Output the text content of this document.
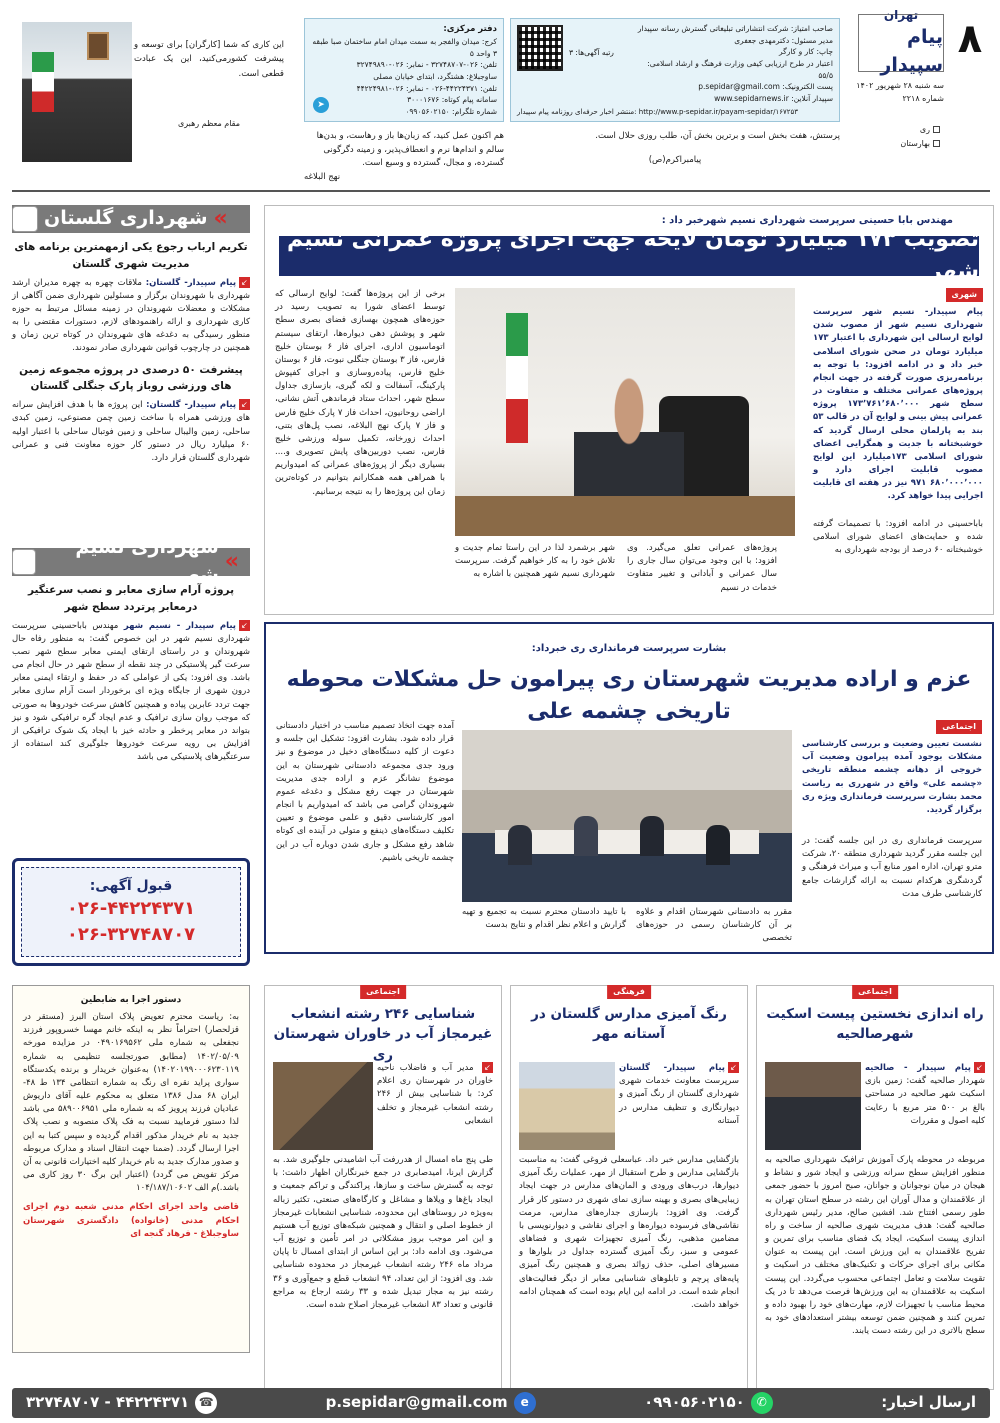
۸
تهران
پیام سپیدار
سه شنبه ۲۸ شهریور ۱۴۰۲
شماره ۲۲۱۸
ری
بهارستان
رتبه آگهی‌ها: ۳
صاحب امتیاز: شرکت انتشاراتی تبلیغاتی گسترش رسانه سپیدار
مدیر مسئول: دکترمهدی جعفری
چاپ: کار و کارگر
اعتبار در طرح ارزیابی کیفی وزارت فرهنگ و ارشاد اسلامی: ۵۵/۵
پست الکترونیک: p.sepidar@gmail.com
سپیدار آنلاین: www.sepidarnews.ir
منتشر اخبار حرفه‌ای روزنامه پیام سپیدار: http://www.p-sepidar.ir/payam-sepidar/۱۶۷۲۵۳
دفتر مرکزی:
کرج: میدان والفجر به سمت میدان امام ساختمان صبا طبقه ۳ واحد ۵
تلفن: ۰۲۶-۳۲۷۴۸۷۰۷ - نمابر: ۰۲۶-۳۲۷۴۹۸۹۰
ساوجبلاغ: هشتگرد، ابتدای خیابان مصلی
تلفن: ۴۴۲۲۴۳۷۱-۰۲۶ - نمابر: ۰۲۶-۴۴۲۲۴۹۸۱
سامانه پیام کوتاه: ۳۰۰۰۱۶۷۶
شماره تلگرام: ۰۹۹۰۵۶۰۲۱۵۰
➤
پرستش، هفت بخش است و برترین بخش آن، طلب روزی حلال است.
پیامبراکرم(ص)
هم اکنون عمل کنید، که زبان‌ها باز و رهاست، و بدن‌ها سالم و اندام‌ها نرم و انعطاف‌پذیر، و زمینه دگرگونی گسترده، و مجال، گسترده و وسیع است.
نهج البلاغه
این کاری که شما [کارگران] برای توسعه و پیشرفت کشورمی‌کنید، این یک عبادت قطعی است.
مقام معظم رهبری
»
شهرداری گلستان
تکریم ارباب رجوع یکی ازمهمترین برنامه های مدیریت شهری گلستان
↙پیام سپیدار- گلستان: ملاقات چهره به چهره مدیران ارشد شهرداری با شهروندان برگزار و مسئولین شهرداری ضمن آگاهی از مشکلات و معضلات شهروندان در زمینه مسائل مرتبط به حوزه کاری شهرداری و ارائه راهنمودهای لازم، دستورات مقتضی را به منظور رسیدگی به دغدغه های شهروندان در کوتاه ترین زمان و همچنین در چارچوب قوانین شهرداری صادر نمودند.
پیشرفت ۵۰ درصدی در پروژه مجموعه زمین های ورزشی روباز پارک جنگلی گلستان
↙پیام سپیدار- گلستان: این پروژه ها با هدف افزایش سرانه های ورزشی همراه با ساخت زمین چمن مصنوعی، زمین کبدی ساحلی، زمین والیبال ساحلی و زمین فوتبال ساحلی با اعتبار اولیه ۶۰ میلیارد ریال در دستور کار حوزه معاونت فنی و عمرانی شهرداری گلستان قرار دارد.
»
شهرداری نسیم شهر
پروژه آرام سازی معابر و نصب سرعتگیر درمعابر پرتردد سطح شهر
↙پیام سپیدار - نسیم شهر مهندس باباحسینی سرپرست شهرداری نسیم شهر در این خصوص گفت: به منظور رفاه حال شهروندان و در راستای ارتقای ایمنی معابر سطح شهر نصب سرعت گیر پلاستیکی در چند نقطه از سطح شهر در حال انجام می باشد. وی افزود: یکی از عواملی که در حفظ و ارتقاء ایمنی معابر درون شهری از جایگاه ویژه ای برخوردار است آرام سازی معابر جهت تردد عابرین پیاده و همچنین کاهش سرعت خودروها به صورتی که موجب روان سازی ترافیک و عدم ایجاد گره ترافیکی شود و نیز بتواند در معابر پرخطر و حادثه خیز با ایجاد یک شوک ترافیکی از افزایش بی رویه سرعت خودروها جلوگیری کند استفاده از سرعتگیرهای پلاستیکی می باشد
قبول آگهی:
۰۲۶-۴۴۲۲۴۳۷۱
۰۲۶-۳۲۷۴۸۷۰۷
مهندس بابا حسینی سرپرست شهرداری نسیم شهرخبر داد :
تصویب ۱۷۳ میلیارد تومان لایحه جهت اجرای پروژه عمرانی نسیم شهر
شهری
پیام سپیدار- نسیم شهر سرپرست شهرداری نسیم شهر از مصوب شدن لوایح ارسالی این شهرداری با اعتبار ۱۷۳ میلیارد تومان در صحن شورای اسلامی خبر داد و در ادامه افزود: با توجه به برنامه‌ریزی صورت گرفته در جهت انجام پروژه‌های عمرانی مختلف و متفاوت در سطح شهر ۱۷۳٬۷۶۱٬۶۸۰٬۰۰۰ پروژه عمرانی پیش بینی و لوایح آن در قالب ۵۳ بند به پارلمان محلی ارسال گردید که خوشبختانه با جدیت و همگرایی اعضای شورای اسلامی ۱۷۳میلیارد این لوایح مصوب قابلیت اجرای دارد و ۶۸۰٬۰۰۰٬۰۰۰ ۹۷۱ نیز در هفته ای قابلیت اجرایی پیدا خواهد کرد.
باباحسینی در ادامه افزود: با تصمیمات گرفته شده و حمایت‌های اعضای شورای اسلامی خوشبختانه ۶۰ درصد از بودجه شهرداری به
پروژه‌های عمرانی تعلق می‌گیرد. وی افزود: با این وجود می‌توان سال جاری را سال عمرانی و آبادانی و تغییر متفاوت خدمات در نسیم
شهر برشمرد لذا در این راستا تمام جدیت و تلاش خود را به کار خواهیم گرفت. سرپرست شهرداری نسیم شهر همچنین با اشاره به
برخی از این پروژه‌ها گفت: لوایح ارسالی که توسط اعضای شورا به تصویب رسید در حوزه‌های همچون بهسازی فضای بصری سطح شهر و پوشش دهی دیواره‌ها، ارتقای سیستم اتوماسیون اداری، اجرای فاز ۶ بوستان خلیج فارس، فاز ۳ بوستان جنگلی نبوت، فاز ۶ بوستان خلیج فارس، پیاده‌روسازی و اجرای کفپوش پارکینگ، آسفالت و لکه گیری، بازسازی جداول سطح شهر، احداث ستاد فرماندهی آتش نشانی، اراضی روحانیون، احداث فاز ۷ پارک خلیج فارس و فاز ۷ پارک نهج البلاغه، نصب پل‌های بتنی، احداث زورخانه، تکمیل سوله ورزشی خلیج فارس، نصب دوربین‌های پایش تصویری و.... بسیاری دیگر از پروژه‌های عمرانی که امیدواریم با همراهی همه همکارانم بتوانیم در کوتاه‌ترین زمان این پروژه‌ها را به نتیجه برسانیم.
بشارت سرپرست فرمانداری ری خبرداد:
عزم و اراده مدیریت شهرستان ری پیرامون حل مشکلات محوطه تاریخی چشمه علی
اجتماعی
نشست تعیین وضعیت و بررسی کارشناسی مشکلات بوجود آمده پیرامون وضعیت آب خروجی از دهانه چشمه منطقه تاریخی «چشمه علی» واقع در شهرری به ریاست محمد بشارت سرپرست فرمانداری ویژه ری برگزار گردید.
سرپرست فرمانداری ری در این جلسه گفت: در این جلسه مقرر گردید شهرداری منطقه ۲۰، شرکت مترو تهران، اداره امور منابع آب و میراث فرهنگی و گردشگری هرکدام نسبت به ارائه گزارشات جامع کارشناسی طرف مدت
مقرر به دادستانی شهرستان اقدام و علاوه بر آن کارشناسان رسمی در حوزه‌های تخصصی
با تایید دادستان محترم نسبت به تجمیع و تهیه گزارش و اعلام نظر اقدام و نتایج بدست
آمده جهت اتخاذ تصمیم مناسب در اختیار دادستانی قرار داده شود. بشارت افزود: تشکیل این جلسه و دعوت از کلیه دستگاه‌های دخیل در موضوع و نیز ورود جدی مجموعه دادستانی شهرستان به این موضوع نشانگر عزم و اراده جدی مدیریت شهرستان در جهت رفع مشکل و دغدغه عموم شهروندان گرامی می باشد که امیدواریم با انجام امور کارشناسی دقیق و علمی موضوع و تعیین تکلیف دستگاه‌های ذینفع و متولی در آینده ای کوتاه شاهد رفع مشکل و جاری شدن دوباره آب در این چشمه تاریخی باشیم.
اجتماعی
راه اندازی نخستین پیست اسکیت شهرصالحیه
↙پیام سپیدار - صالحیه شهردار صالحیه گفت: زمین بازی اسکیت شهر صالحیه در مساحتی بالغ بر ۵۰۰ متر مربع با رعایت کلیه اصول و مقررات
مربوطه در محوطه پارک آموزش ترافیک شهرداری صالحیه به منظور افزایش سطح سرانه ورزشی و ایجاد شور و نشاط و هیجان در میان نوجوانان و جوانان، صبح امروز با حضور جمعی از علاقمندان و مدال آوران این رشته در سطح استان تهران به طور رسمی افتتاح شد. افشین صالح، مدیر رئیس شهرداری صالحیه گفت: هدف مدیریت شهری صالحیه از ساخت و راه اندازی پیست اسکیت، ایجاد یک فضای مناسب برای تمرین و تفریح علاقمندان به این ورزش است. این پیست به عنوان مکانی برای اجرای حرکات و تکنیک‌های مختلف در اسکیت و تقویت سلامت و تعامل اجتماعی محسوب می‌گردد. این پیست اسکیت به علاقمندان به این ورزش‌ها فرصت می‌دهد تا در یک محیط مناسب با تجهیزات لازم، مهارت‌های خود را بهبود داده و تمرین کنند و همچنین ضمن توسعه بیشتر استعدادهای خود به سطح بالاتری در این رشته دست یابند.
فرهنگی
رنگ آمیزی مدارس گلستان در آستانه مهر
↙پیام سپیدار- گلستان سرپرست معاونت خدمات شهری شهرداری گلستان از رنگ آمیزی و دیوارنگاری و تنظیف مدارس در آستانه
بازگشایی مدارس خبر داد. عباسعلی فروغی گفت: به مناسبت بازگشایی مدارس و طرح استقبال از مهر، عملیات رنگ آمیزی دیوارها، درب‌های ورودی و المان‌های مدارس در جهت ایجاد زیبایی‌های بصری و بهینه سازی نمای شهری در دستور کار قرار گرفت. وی افزود: بازسازی جداره‌های مدارس، مرمت نقاشی‌های فرسوده دیواره‌ها و اجرای نقاشی و دیوارنویسی با مضامین مذهبی، رنگ آمیزی تجهیزات شهری و فضاهای عمومی و سبز، رنگ آمیزی گسترده جداول در بلوارها و مسیرهای اصلی، حذف زوائد بصری و همچنین رنگ آمیزی پایه‌های پرچم و تابلوهای شناسایی معابر از دیگر فعالیت‌های انجام شده است. در ادامه این ایام بوده است که همچنان ادامه خواهد داشت.
اجتماعی
شناسایی ۲۴۶ رشته انشعاب غیرمجاز آب در خاوران شهرستان ری
↙ مدیر آب و فاضلاب ناحیه خاوران در شهرستان ری اعلام کرد: با شناسایی بیش از ۲۴۶ رشته انشعاب غیرمجاز و تخلف انشعابی
طی پنج ماه امسال از هدررفت آب اشامیدنی جلوگیری شد. به گزارش ایرنا، امیدصابری در جمع خبرنگاران اظهار داشت: با توجه به گسترش ساخت و سازها، پراکندگی و تراکم جمعیت و ایجاد باغ‌ها و ویلاها و مشاغل و کارگاه‌های صنعتی، تکثیر زباله به‌ویژه در روستاهای این محدوده، شناسایی انشعابات غیرمجاز از خطوط اصلی و انتقال و همچنین شبکه‌های توزیع آب هستیم و این امر موجب بروز مشکلاتی در امر تأمین و توزیع آب می‌شود. وی ادامه داد: بر این اساس از ابتدای امسال تا پایان مرداد ماه ۲۴۶ رشته انشعاب غیرمجاز در محدوده شناسایی شد. وی افزود: از این تعداد، ۹۴ انشعاب قطع و جمع‌آوری و ۳۶ رشته نیز به مجاز تبدیل شده و ۳۳ رشته ارجاع به مراجع قانونی و تعداد ۸۳ انشعاب غیرمجاز اصلاح شده است.
دستور اجرا به ضابطین
به: ریاست محترم تعویض پلاک استان البرز (مستقر در قزلحصار) احتراماً نظر به اینکه خانم مهسا خسروپور فرزند نجفعلی به شماره ملی ۰۴۹۰۱۶۹۵۶۲ در مزایده مورخه ۱۴۰۲/۰۵/۰۹ (مطابق صورتجلسه تنظیمی به شماره ۱۴۰۲۰۱۹۹۰۰۰۶۲۳۰۱۱۹) به‌عنوان خریدار و برنده یکدستگاه سواری پراید نقره ای رنگ به شماره انتظامی ۱۳۴ ط ۴۸-ایران ۶۸ مدل ۱۳۸۶ متعلق به محکوم علیه آقای داریوش عبادیان فرزند پرویز که به شماره ملی ۵۸۹۰۰۶۹۵۱ می باشد لذا دستور فرمایید نسبت به فک پلاک منصوبه و نصب پلاک جدید به نام خریدار مذکور اقدام گردیده و سپس کتبا به این اجرا ارسال گردد. (ضمنا جهت انتقال اسناد و مدارک مربوطه و صدور مدارک جدید به نام خریدار کلیه اختیارات قانونی به آن مرکز تفویض می گردد) (اعتبار این برگ ۳۰ روز کاری می باشد.)م الف ۱۰۴/۱۸۷/۱۰۶۰۲
قاضی واحد اجرای احکام مدنی شعبه دوم اجرای احکام مدنی (خانواده) دادگستری شهرستان ساوجبلاغ - فرهاد گنجه ای
ارسال اخبار:
✆
۰۹۹۰۵۶۰۲۱۵۰
e
p.sepidar@gmail.com
☎
۳۲۷۴۸۷۰۷ - ۴۴۲۲۴۳۷۱
